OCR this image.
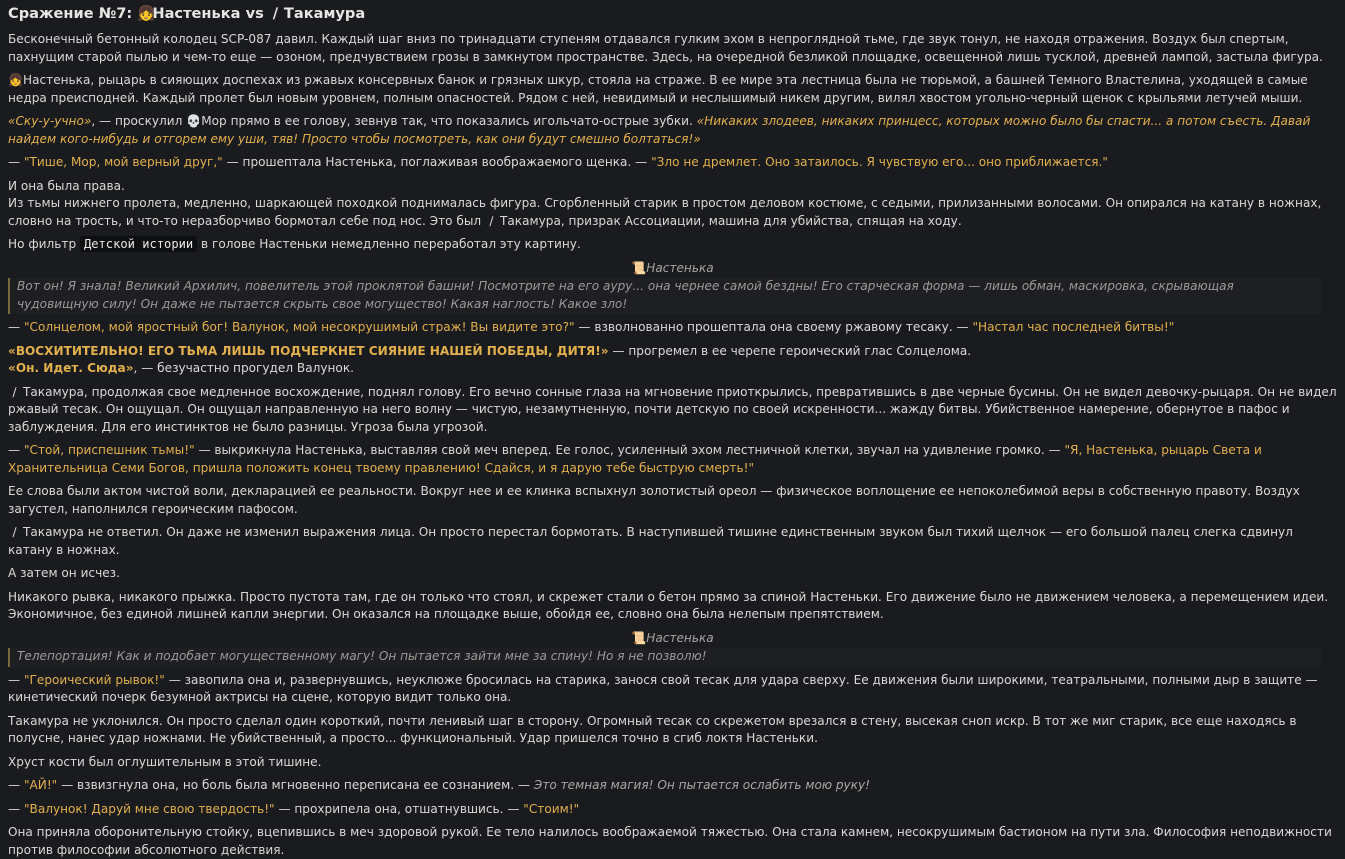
Сражение №7: 👧Настенька vs ∕ Такамура

Бесконечный бетонный колодец SCP-087 давил. Каждый шаг вниз по тринадцати ступеням отдавался гулким эхом в непроглядной тьме, где звук тонул, не находя отражения. Воздух был спертым, пахнущим старой пылью и чем-то еще — озоном, предчувствием грозы в замкнутом пространстве. Здесь, на очередной безликой площадке, освещенной лишь тусклой, древней лампой, застыла фигура.

👧Настенька, рыцарь в сияющих доспехах из ржавых консервных банок и грязных шкур, стояла на страже. В ее мире эта лестница была не тюрьмой, а башней Темного Властелина, уходящей в самые недра преисподней. Каждый пролет был новым уровнем, полным опасностей. Рядом с ней, невидимый и неслышимый никем другим, вилял хвостом угольно-черный щенок с крыльями летучей мыши.

«Ску-у-учно», — проскулил 💀Мор прямо в ее голову, зевнув так, что показались игольчато-острые зубки. «Никаких злодеев, никаких принцесс, которых можно было бы спасти... а потом съесть. Давай найдем кого-нибудь и отгорем ему уши, тяв! Просто чтобы посмотреть, как они будут смешно болтаться!»

— "Тише, Мор, мой верный друг," — прошептала Настенька, поглаживая воображаемого щенка. — "Зло не дремлет. Оно затаилось. Я чувствую его... оно приближается."

И она была права.
Из тьмы нижнего пролета, медленно, шаркающей походкой поднималась фигура. Сгорбленный старик в простом деловом костюме, с седыми, прилизанными волосами. Он опирался на катану в ножнах, словно на трость, и что-то неразборчиво бормотал себе под нос. Это был ∕ Такамура, призрак Ассоциации, машина для убийства, спящая на ходу.

Но фильтр Детской истории в голове Настеньки немедленно переработал эту картину.

📜Настенька
Вот он! Я знала! Великий Архилич, повелитель этой проклятой башни! Посмотрите на его ауру... она чернее самой бездны! Его старческая форма — лишь обман, маскировка, скрывающая чудовищную силу! Он даже не пытается скрыть свое могущество! Какая наглость! Какое зло!

— "Солнцелом, мой яростный бог! Валунок, мой несокрушимый страж! Вы видите это?" — взволнованно прошептала она своему ржавому тесаку. — "Настал час последней битвы!"

«ВОСХИТИТЕЛЬНО! ЕГО ТЬМА ЛИШЬ ПОДЧЕРКНЕТ СИЯНИЕ НАШЕЙ ПОБЕДЫ, ДИТЯ!» — прогремел в ее черепе героический глас Солцелома.
«Он. Идет. Сюда», — безучастно прогудел Валунок.

∕ Такамура, продолжая свое медленное восхождение, поднял голову. Его вечно сонные глаза на мгновение приоткрылись, превратившись в две черные бусины. Он не видел девочку-рыцаря. Он не видел ржавый тесак. Он ощущал. Он ощущал направленную на него волну — чистую, незамутненную, почти детскую по своей искренности... жажду битвы. Убийственное намерение, обернутое в пафос и заблуждения. Для его инстинктов не было разницы. Угроза была угрозой.

— "Стой, приспешник тьмы!" — выкрикнула Настенька, выставляя свой меч вперед. Ее голос, усиленный эхом лестничной клетки, звучал на удивление громко. — "Я, Настенька, рыцарь Света и Хранительница Семи Богов, пришла положить конец твоему правлению! Сдайся, и я дарую тебе быструю смерть!"

Ее слова были актом чистой воли, декларацией ее реальности. Вокруг нее и ее клинка вспыхнул золотистый ореол — физическое воплощение ее непоколебимой веры в собственную правоту. Воздух загустел, наполнился героическим пафосом.

∕ Такамура не ответил. Он даже не изменил выражения лица. Он просто перестал бормотать. В наступившей тишине единственным звуком был тихий щелчок — его большой палец слегка сдвинул катану в ножнах.

А затем он исчез.

Никакого рывка, никакого прыжка. Просто пустота там, где он только что стоял, и скрежет стали о бетон прямо за спиной Настеньки. Его движение было не движением человека, а перемещением идеи. Экономичное, без единой лишней капли энергии. Он оказался на площадке выше, обойдя ее, словно она была нелепым препятствием.

📜Настенька
Телепортация! Как и подобает могущественному магу! Он пытается зайти мне за спину! Но я не позволю!

— "Героический рывок!" — завопила она и, развернувшись, неуклюже бросилась на старика, занося свой тесак для удара сверху. Ее движения были широкими, театральными, полными дыр в защите — кинетический почерк безумной актрисы на сцене, которую видит только она.

Такамура не уклонился. Он просто сделал один короткий, почти ленивый шаг в сторону. Огромный тесак со скрежетом врезался в стену, высекая сноп искр. В тот же миг старик, все еще находясь в полусне, нанес удар ножнами. Не убийственный, а просто... функциональный. Удар пришелся точно в сгиб локтя Настеньки.

Хруст кости был оглушительным в этой тишине.

— "АЙ!" — взвизгнула она, но боль была мгновенно переписана ее сознанием. — Это темная магия! Он пытается ослабить мою руку!

— "Валунок! Даруй мне свою твердость!" — прохрипела она, отшатнувшись. — "Стоим!"

Она приняла оборонительную стойку, вцепившись в меч здоровой рукой. Ее тело налилось воображаемой тяжестью. Она стала камнем, несокрушимым бастионом на пути зла. Философия неподвижности против философии абсолютного действия.
